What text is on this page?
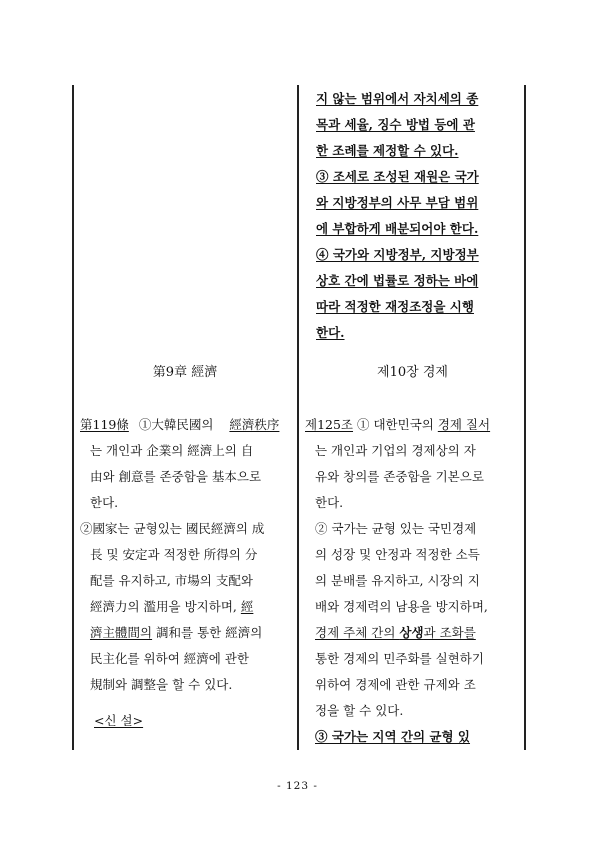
지 않는 범위에서 자치세의 종
목과 세율, 징수 방법 등에 관
한 조례를 제정할 수 있다.
③ 조세로 조성된 재원은 국가
와 지방정부의 사무 부담 범위
에 부합하게 배분되어야 한다.
④ 국가와 지방정부, 지방정부
상호 간에 법률로 정하는 바에
따라 적정한 재정조정을 시행
한다.
第9章 經濟	제10장 경제
第119條 ①大韓民國의 經濟秩序
는 개인과 企業의 經濟上의 自
由와 創意를 존중함을 基本으로
한다.
②國家는 균형있는 國民經濟의 成
長 및 安定과 적정한 所得의 分
配를 유지하고, 市場의 支配와
經濟力의 濫用을 방지하며, 經
濟主體間의 調和를 통한 經濟의
民主化를 위하여 經濟에 관한
規制와 調整을 할 수 있다.
<신 설>
제125조 ① 대한민국의 경제 질서
는 개인과 기업의 경제상의 자
유와 창의를 존중함을 기본으로
한다.
② 국가는 균형 있는 국민경제
의 성장 및 안정과 적정한 소득
의 분배를 유지하고, 시장의 지
배와 경제력의 남용을 방지하며,
경제 주체 간의 상생과 조화를
통한 경제의 민주화를 실현하기
위하여 경제에 관한 규제와 조
정을 할 수 있다.
③ 국가는 지역 간의 균형 있
- 123 -
